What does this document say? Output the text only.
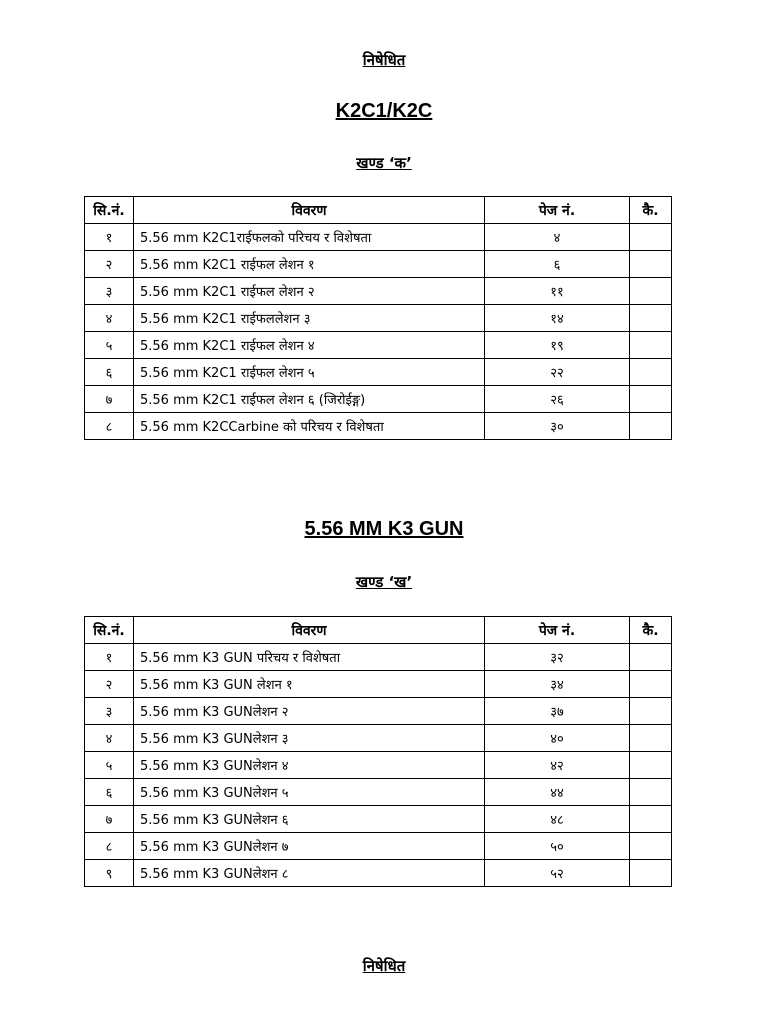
निषेधित
K2C1/K2C
खण्ड ‘क’
सि.नं.	विवरण	पेज नं.	कै.
१	5.56 mm K2C1राईफलको परिचय र विशेषता	४	
२	5.56 mm K2C1 राईफल लेशन १	६	
३	5.56 mm K2C1 राईफल लेशन २	११	
४	5.56 mm K2C1 राईफललेशन ३	१४	
५	5.56 mm K2C1 राईफल लेशन ४	१९	
६	5.56 mm K2C1 राईफल लेशन ५	२२	
७	5.56 mm K2C1 राईफल लेशन ६ (जिरोईङ्ग)	२६	
८	5.56 mm K2CCarbine को परिचय र विशेषता	३०	
5.56 MM K3 GUN
खण्ड ‘ख’
सि.नं.	विवरण	पेज नं.	कै.
१	5.56 mm K3 GUN परिचय र विशेषता	३२	
२	5.56 mm K3 GUN लेशन १	३४	
३	5.56 mm K3 GUNलेशन २	३७	
४	5.56 mm K3 GUNलेशन ३	४०	
५	5.56 mm K3 GUNलेशन ४	४२	
६	5.56 mm K3 GUNलेशन ५	४४	
७	5.56 mm K3 GUNलेशन ६	४८	
८	5.56 mm K3 GUNलेशन ७	५०	
९	5.56 mm K3 GUNलेशन ८	५२	
निषेधित
